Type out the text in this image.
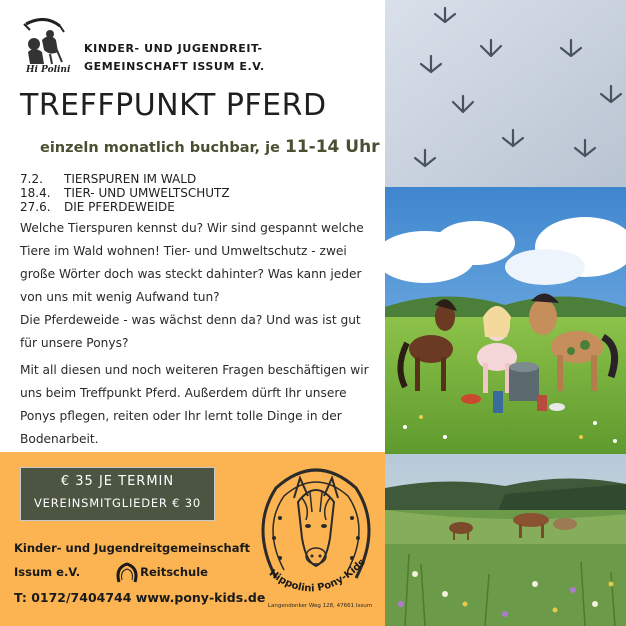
Hi Polini
KINDER- UND JUGENDREIT-
GEMEINSCHAFT ISSUM E.V.
TREFFPUNKT PFERD
einzeln monatlich buchbar, je 11-14 Uhr
7.2.	TIERSPUREN IM WALD
18.4.	TIER- UND UMWELTSCHUTZ
27.6.	DIE PFERDEWEIDE

Welche Tierspuren kennst du? Wir sind gespannt welche Tiere im Wald wohnen! Tier- und Umweltschutz - zwei große Wörter doch was steckt dahinter? Was kann jeder von uns mit wenig Aufwand tun?

Die Pferdeweide - was wächst denn da? Und was ist gut für unsere Ponys?

Mit all diesen und noch weiteren Fragen beschäftigen wir uns beim Treffpunkt Pferd. Außerdem dürft Ihr unsere Ponys pflegen, reiten oder Ihr lernt tolle Dinge in der Bodenarbeit.

€ 35 JE TERMIN
VEREINSMITGLIEDER € 30
Kinder- und Jugendreitgemeinschaft
Issum e.V.	Reitschule
T: 0172/7404744 www.pony-kids.de
Hippolini Pony-Kids
Langendonker Weg 128, 47661 Issum
